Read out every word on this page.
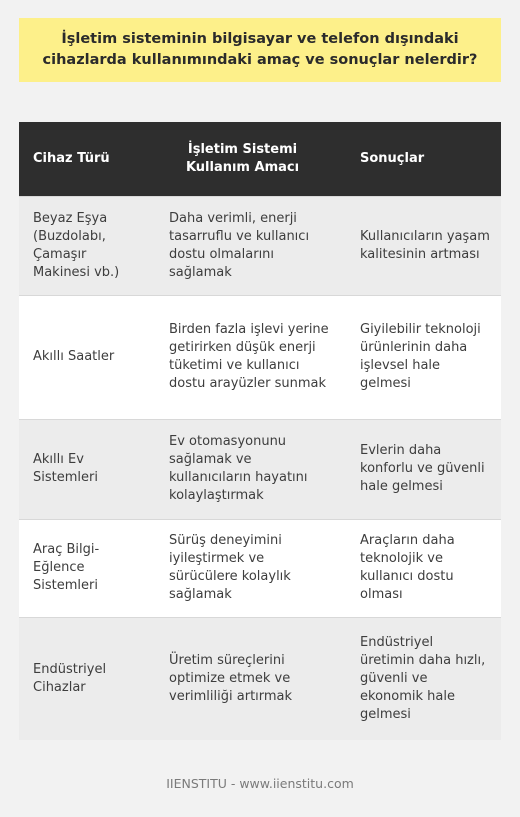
İşletim sisteminin bilgisayar ve telefon dışındaki cihazlarda kullanımındaki amaç ve sonuçlar nelerdir?
Cihaz Türü	İşletim Sistemi Kullanım Amacı	Sonuçlar
Beyaz Eşya (Buzdolabı, Çamaşır Makinesi vb.)	Daha verimli, enerji tasarruflu ve kullanıcı dostu olmalarını sağlamak	Kullanıcıların yaşam kalitesinin artması
Akıllı Saatler	Birden fazla işlevi yerine getirirken düşük enerji tüketimi ve kullanıcı dostu arayüzler sunmak	Giyilebilir teknoloji ürünlerinin daha işlevsel hale gelmesi
Akıllı Ev Sistemleri	Ev otomasyonunu sağlamak ve kullanıcıların hayatını kolaylaştırmak	Evlerin daha konforlu ve güvenli hale gelmesi
Araç Bilgi-Eğlence Sistemleri	Sürüş deneyimini iyileştirmek ve sürücülere kolaylık sağlamak	Araçların daha teknolojik ve kullanıcı dostu olması
Endüstriyel Cihazlar	Üretim süreçlerini optimize etmek ve verimliliği artırmak	Endüstriyel üretimin daha hızlı, güvenli ve ekonomik hale gelmesi
IIENSTITU - www.iienstitu.com
